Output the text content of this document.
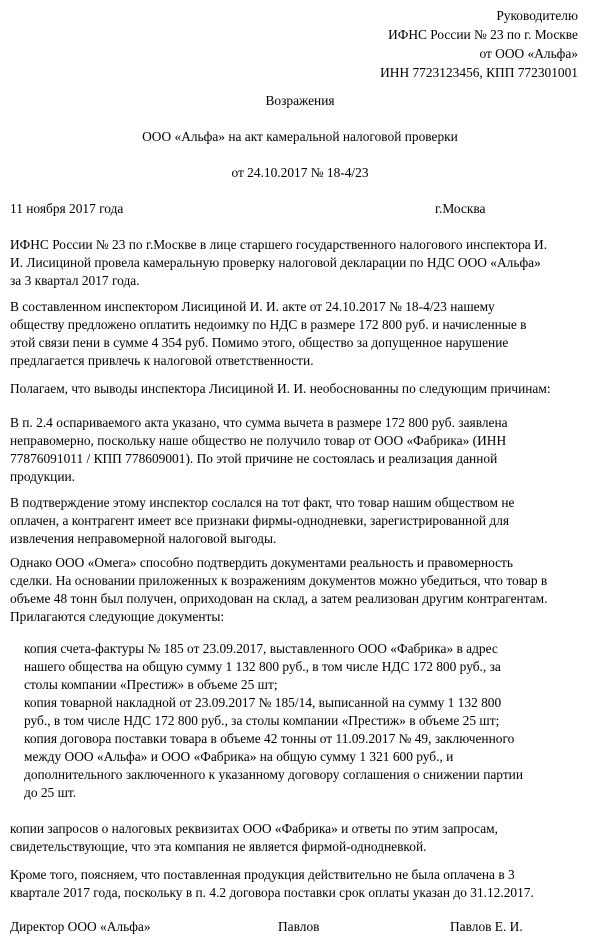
Руководителю
ИФНС России № 23 по г. Москве
от ООО «Альфа»
ИНН 7723123456, КПП 772301001
Возражения
ООО «Альфа» на акт камеральной налоговой проверки
от 24.10.2017 № 18-4/23
11 ноября 2017 года	г.Москва
ИФНС России № 23 по г.Москве в лице старшего государственного налогового инспектора И.
И. Лисициной провела камеральную проверку налоговой декларации по НДС ООО «Альфа»
за 3 квартал 2017 года.
В составленном инспектором Лисициной И. И. акте от 24.10.2017 № 18-4/23 нашему
обществу предложено оплатить недоимку по НДС в размере 172 800 руб. и начисленные в
этой связи пени в сумме 4 354 руб. Помимо этого, общество за допущенное нарушение
предлагается привлечь к налоговой ответственности.
Полагаем, что выводы инспектора Лисициной И. И. необоснованны по следующим причинам:
В п. 2.4 оспариваемого акта указано, что сумма вычета в размере 172 800 руб. заявлена
неправомерно, поскольку наше общество не получило товар от ООО «Фабрика» (ИНН
77876091011 / КПП 778609001). По этой причине не состоялась и реализация данной
продукции.
В подтверждение этому инспектор сослался на тот факт, что товар нашим обществом не
оплачен, а контрагент имеет все признаки фирмы-однодневки, зарегистрированной для
извлечения неправомерной налоговой выгоды.
Однако ООО «Омега» способно подтвердить документами реальность и правомерность
сделки. На основании приложенных к возражениям документов можно убедиться, что товар в
объеме 48 тонн был получен, оприходован на склад, а затем реализован другим контрагентам.
Прилагаются следующие документы:
копия счета-фактуры № 185 от 23.09.2017, выставленного ООО «Фабрика» в адрес
нашего общества на общую сумму 1 132 800 руб., в том числе НДС 172 800 руб., за
столы компании «Престиж» в объеме 25 шт;
копия товарной накладной от 23.09.2017 № 185/14, выписанной на сумму 1 132 800
руб., в том числе НДС 172 800 руб., за столы компании «Престиж» в объеме 25 шт;
копия договора поставки товара в объеме 42 тонны от 11.09.2017 № 49, заключенного
между ООО «Альфа» и ООО «Фабрика» на общую сумму 1 321 600 руб., и
дополнительного заключенного к указанному договору соглашения о снижении партии
до 25 шт.
копии запросов о налоговых реквизитах ООО «Фабрика» и ответы по этим запросам,
свидетельствующие, что эта компания не является фирмой-однодневкой.
Кроме того, поясняем, что поставленная продукция действительно не была оплачена в 3
квартале 2017 года, поскольку в п. 4.2 договора поставки срок оплаты указан до 31.12.2017.
Директор ООО «Альфа»	Павлов	Павлов Е. И.
